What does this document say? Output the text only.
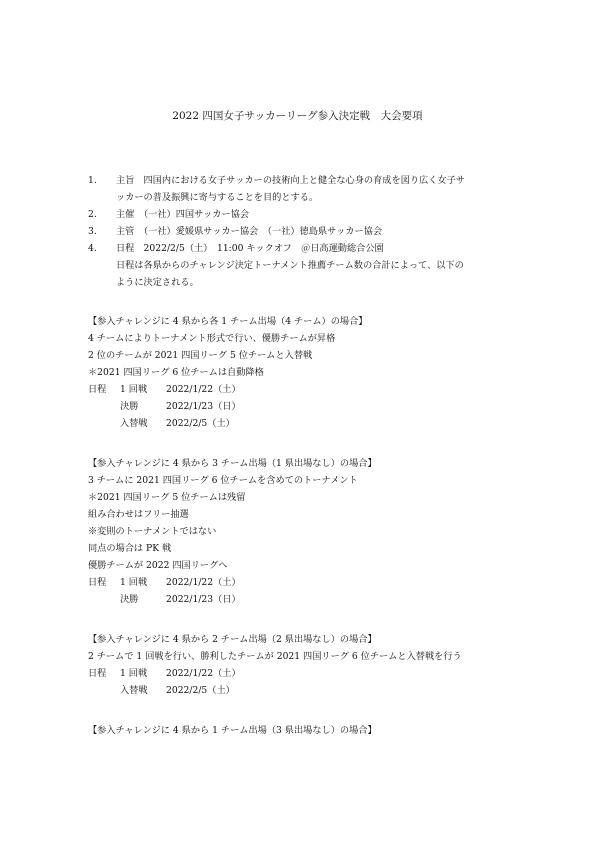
2022 四国女子サッカーリーグ参入決定戦　大会要項
1. 主旨　四国内における女子サッカーの技術向上と健全な心身の育成を図り広く女子サ
ッカーの普及振興に寄与することを目的とする。
2. 主催　（一社）四国サッカー協会
3. 主管　（一社）愛媛県サッカー協会　（一社）徳島県サッカー協会
4. 日程　2022/2/5（土）　11:00 キックオフ　＠日高運動総合公園
日程は各県からのチャレンジ決定トーナメント推薦チーム数の合計によって、以下の
ように決定される。
【参入チャレンジに 4 県から各 1 チーム出場（4 チーム）の場合】
4 チームによりトーナメント形式で行い、優勝チームが昇格
2 位のチームが 2021 四国リーグ 5 位チームと入替戦
＊2021 四国リーグ 6 位チームは自動降格
日程 1 回戦 2022/1/22（土）
決勝	2022/1/23（日）
入替戦 2022/2/5（土）
【参入チャレンジに 4 県から 3 チーム出場（1 県出場なし）の場合】
3 チームに 2021 四国リーグ 6 位チームを含めてのトーナメント
＊2021 四国リーグ 5 位チームは残留
組み合わせはフリー抽選
※変則のトーナメントではない
同点の場合は PK 戦
優勝チームが 2022 四国リーグへ
日程 1 回戦 2022/1/22（土）
決勝	2022/1/23（日）
【参入チャレンジに 4 県から 2 チーム出場（2 県出場なし）の場合】
2 チームで 1 回戦を行い、勝利したチームが 2021 四国リーグ 6 位チームと入替戦を行う
日程 1 回戦 2022/1/22（土）
入替戦 2022/2/5（土）
【参入チャレンジに 4 県から 1 チーム出場（3 県出場なし）の場合】
